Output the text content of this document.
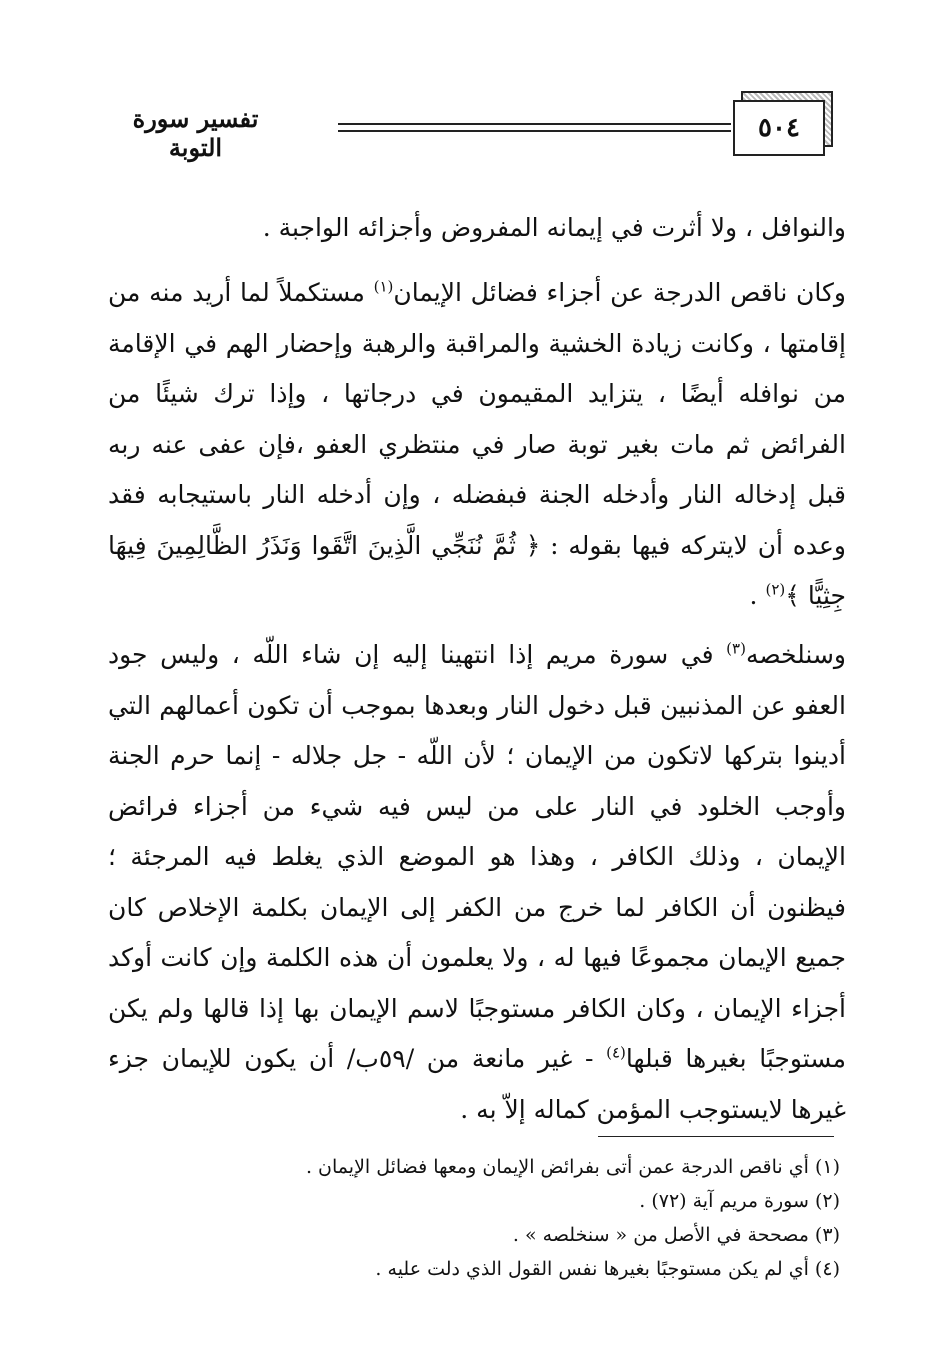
٥٠٤
تفسير سورة التوبة

والنوافل ، ولا أثرت في إيمانه المفروض وأجزائه الواجبة .

وكان ناقص الدرجة عن أجزاء فضائل الإيمان$^{(١)}$ مستكملاً لما أريد منه من إقامتها ، وكانت زيادة الخشية والمراقبة والرهبة وإحضار الهم في الإقامة من نوافله أيضًا ، يتزايد المقيمون في درجاتها ، وإذا ترك شيئًا من الفرائض ثم مات بغير توبة صار في منتظري العفو ،فإن عفى عنه ربه قبل إدخاله النار وأدخله الجنة فبفضله ، وإن أدخله النار باستيجابه فقد وعده أن لايتركه فيها بقوله : ﴿ ثُمَّ نُنَجِّي الَّذِينَ اتَّقَوا وَنَذَرُ الظَّالِمِينَ فِيهَا جِثِيًّا ﴾$^{(٢)}$ .

وسنلخصه$^{(٣)}$ في سورة مريم إذا انتهينا إليه إن شاء اللّه ، وليس جود العفو عن المذنبين قبل دخول النار وبعدها بموجب أن تكون أعمالهم التي أدينوا بتركها لاتكون من الإيمان ؛ لأن اللّه - جل جلاله - إنما حرم الجنة وأوجب الخلود في النار على من ليس فيه شيء من أجزاء فرائض الإيمان ، وذلك الكافر ، وهذا هو الموضع الذي يغلط فيه المرجئة ؛ فيظنون أن الكافر لما خرج من الكفر إلى الإيمان بكلمة الإخلاص كان جميع الإيمان مجموعًا فيها له ، ولا يعلمون أن هذه الكلمة وإن كانت أوكد أجزاء الإيمان ، وكان الكافر مستوجبًا لاسم الإيمان بها إذا قالها ولم يكن مستوجبًا بغيرها قبلها$^{(٤)}$ - غير مانعة من /٥٩ب/ أن يكون للإيمان جزء غيرها لايستوجب المؤمن كماله إلاّ به .

(١) أي ناقص الدرجة عمن أتى بفرائض الإيمان ومعها فضائل الإيمان .
(٢) سورة مريم آية (٧٢) .
(٣) مصححة في الأصل من « سنخلصه » .
(٤) أي لم يكن مستوجبًا بغيرها نفس القول الذي دلت عليه .
